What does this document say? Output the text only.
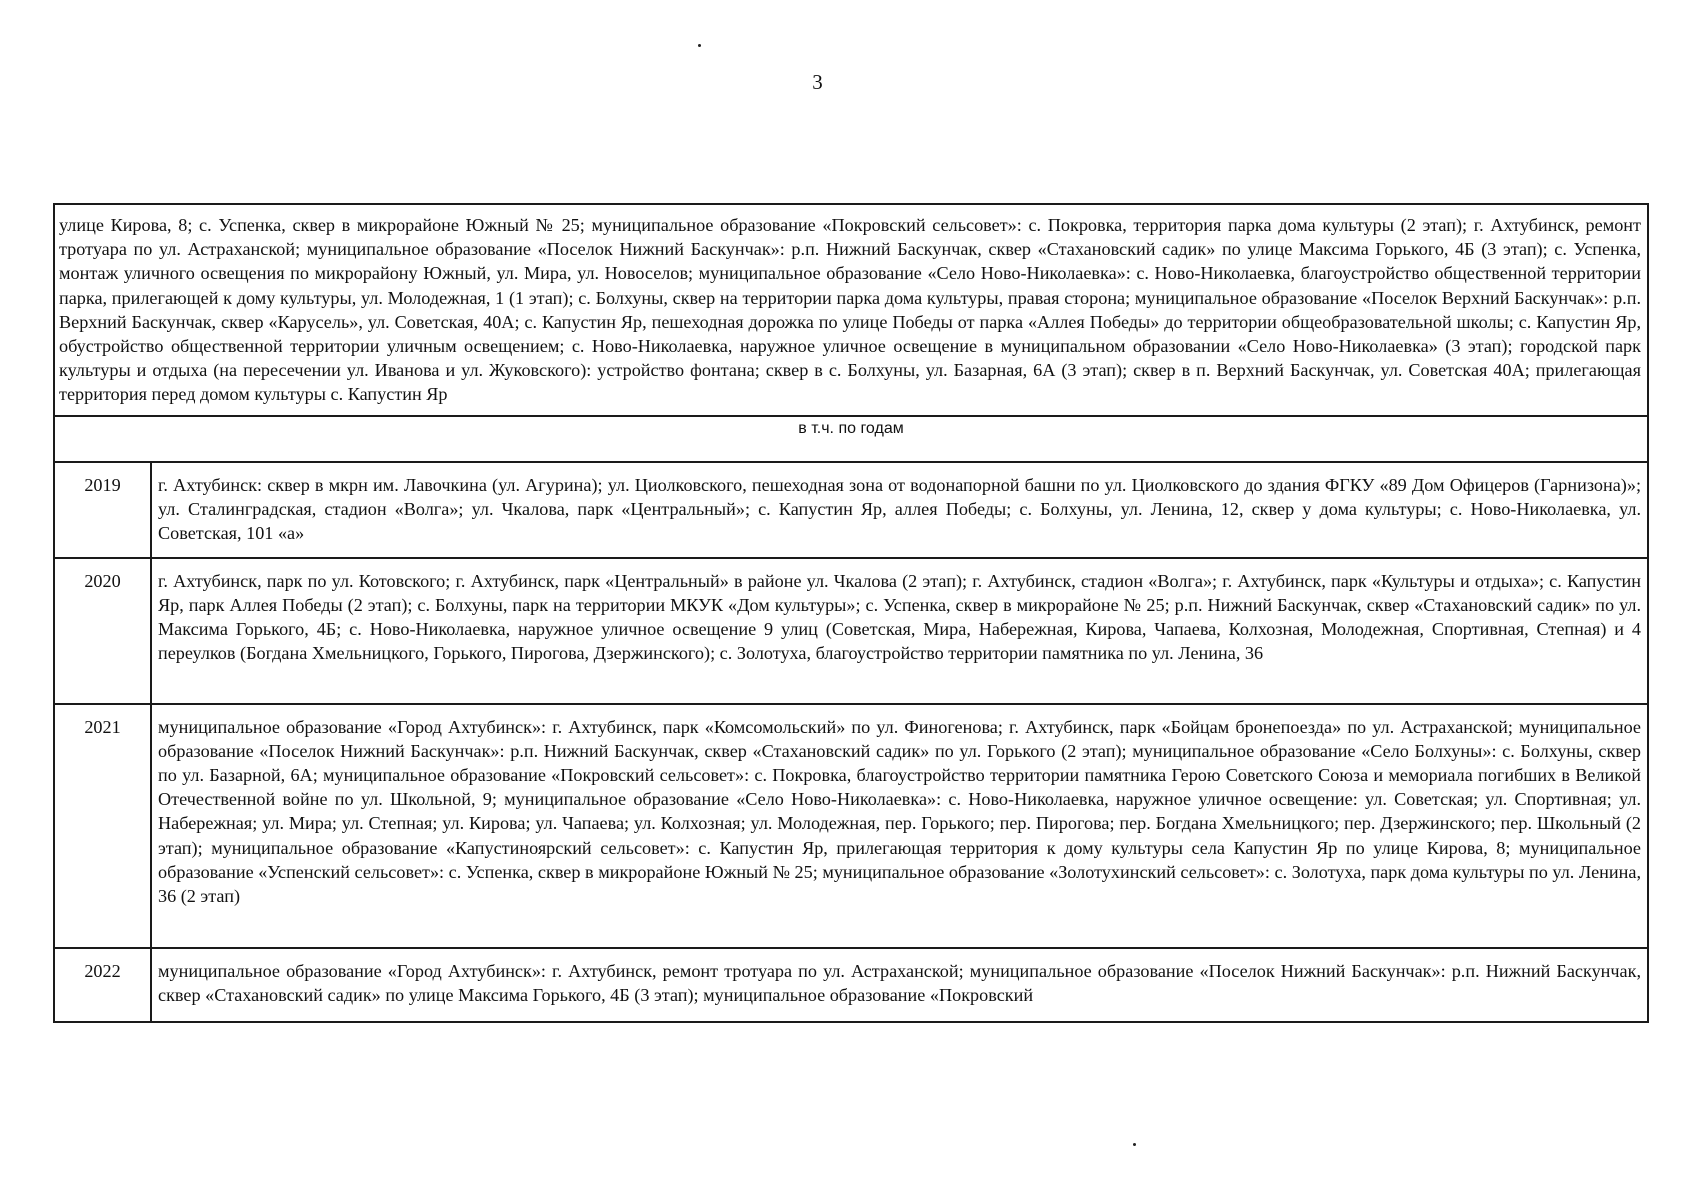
3
улице Кирова, 8; с. Успенка, сквер в микрорайоне Южный № 25; муниципальное образование «Покровский сельсовет»: с. Покровка, территория парка дома культуры (2 этап); г. Ахтубинск, ремонт тротуара по ул. Астраханской; муниципальное образование «Поселок Нижний Баскунчак»: р.п. Нижний Баскунчак, сквер «Стахановский садик» по улице Максима Горького, 4Б (3 этап); с. Успенка, монтаж уличного освещения по микрорайону Южный, ул. Мира, ул. Новоселов; муниципальное образование «Село Ново-Николаевка»: с. Ново-Николаевка, благоустройство общественной территории парка, прилегающей к дому культуры, ул. Молодежная, 1 (1 этап); с. Болхуны, сквер на территории парка дома культуры, правая сторона; муниципальное образование «Поселок Верхний Баскунчак»: р.п. Верхний Баскунчак, сквер «Карусель», ул. Советская, 40А; с. Капустин Яр, пешеходная дорожка по улице Победы от парка «Аллея Победы» до территории общеобразовательной школы; с. Капустин Яр, обустройство общественной территории уличным освещением; с. Ново-Николаевка, наружное уличное освещение в муниципальном образовании «Село Ново-Николаевка» (3 этап); городской парк культуры и отдыха (на пересечении ул. Иванова и ул. Жуковского): устройство фонтана; сквер в с. Болхуны, ул. Базарная, 6А (3 этап); сквер в п. Верхний Баскунчак, ул. Советская 40А; прилегающая территория перед домом культуры с. Капустин Яр	
в т.ч. по годам	
2019	г. Ахтубинск: сквер в мкрн им. Лавочкина (ул. Агурина); ул. Циолковского, пешеходная зона от водонапорной башни по ул. Циолковского до здания ФГКУ «89 Дом Офицеров (Гарнизона)»; ул. Сталинградская, стадион «Волга»; ул. Чкалова, парк «Центральный»; с. Капустин Яр, аллея Победы; с. Болхуны, ул. Ленина, 12, сквер у дома культуры; с. Ново-Николаевка, ул. Советская, 101 «а»
2020	г. Ахтубинск, парк по ул. Котовского; г. Ахтубинск, парк «Центральный» в районе ул. Чкалова (2 этап); г. Ахтубинск, стадион «Волга»; г. Ахтубинск, парк «Культуры и отдыха»; с. Капустин Яр, парк Аллея Победы (2 этап); с. Болхуны, парк на территории МКУК «Дом культуры»; с. Успенка, сквер в микрорайоне № 25; р.п. Нижний Баскунчак, сквер «Стахановский садик» по ул. Максима Горького, 4Б; с. Ново-Николаевка, наружное уличное освещение 9 улиц (Советская, Мира, Набережная, Кирова, Чапаева, Колхозная, Молодежная, Спортивная, Степная) и 4 переулков (Богдана Хмельницкого, Горького, Пирогова, Дзержинского); с. Золотуха, благоустройство территории памятника по ул. Ленина, 36
2021	муниципальное образование «Город Ахтубинск»: г. Ахтубинск, парк «Комсомольский» по ул. Финогенова; г. Ахтубинск, парк «Бойцам бронепоезда» по ул. Астраханской; муниципальное образование «Поселок Нижний Баскунчак»: р.п. Нижний Баскунчак, сквер «Стахановский садик» по ул. Горького (2 этап); муниципальное образование «Село Болхуны»: с. Болхуны, сквер по ул. Базарной, 6А; муниципальное образование «Покровский сельсовет»: с. Покровка, благоустройство территории памятника Герою Советского Союза и мемориала погибших в Великой Отечественной войне по ул. Школьной, 9; муниципальное образование «Село Ново-Николаевка»: с. Ново-Николаевка, наружное уличное освещение: ул. Советская; ул. Спортивная; ул. Набережная; ул. Мира; ул. Степная; ул. Кирова; ул. Чапаева; ул. Колхозная; ул. Молодежная, пер. Горького; пер. Пирогова; пер. Богдана Хмельницкого; пер. Дзержинского; пер. Школьный (2 этап); муниципальное образование «Капустиноярский сельсовет»: с. Капустин Яр, прилегающая территория к дому культуры села Капустин Яр по улице Кирова, 8; муниципальное образование «Успенский сельсовет»: с. Успенка, сквер в микрорайоне Южный № 25; муниципальное образование «Золотухинский сельсовет»: с. Золотуха, парк дома культуры по ул. Ленина, 36 (2 этап)
2022	муниципальное образование «Город Ахтубинск»: г. Ахтубинск, ремонт тротуара по ул. Астраханской; муниципальное образование «Поселок Нижний Баскунчак»: р.п. Нижний Баскунчак, сквер «Стахановский садик» по улице Максима Горького, 4Б (3 этап); муниципальное образование «Покровский
